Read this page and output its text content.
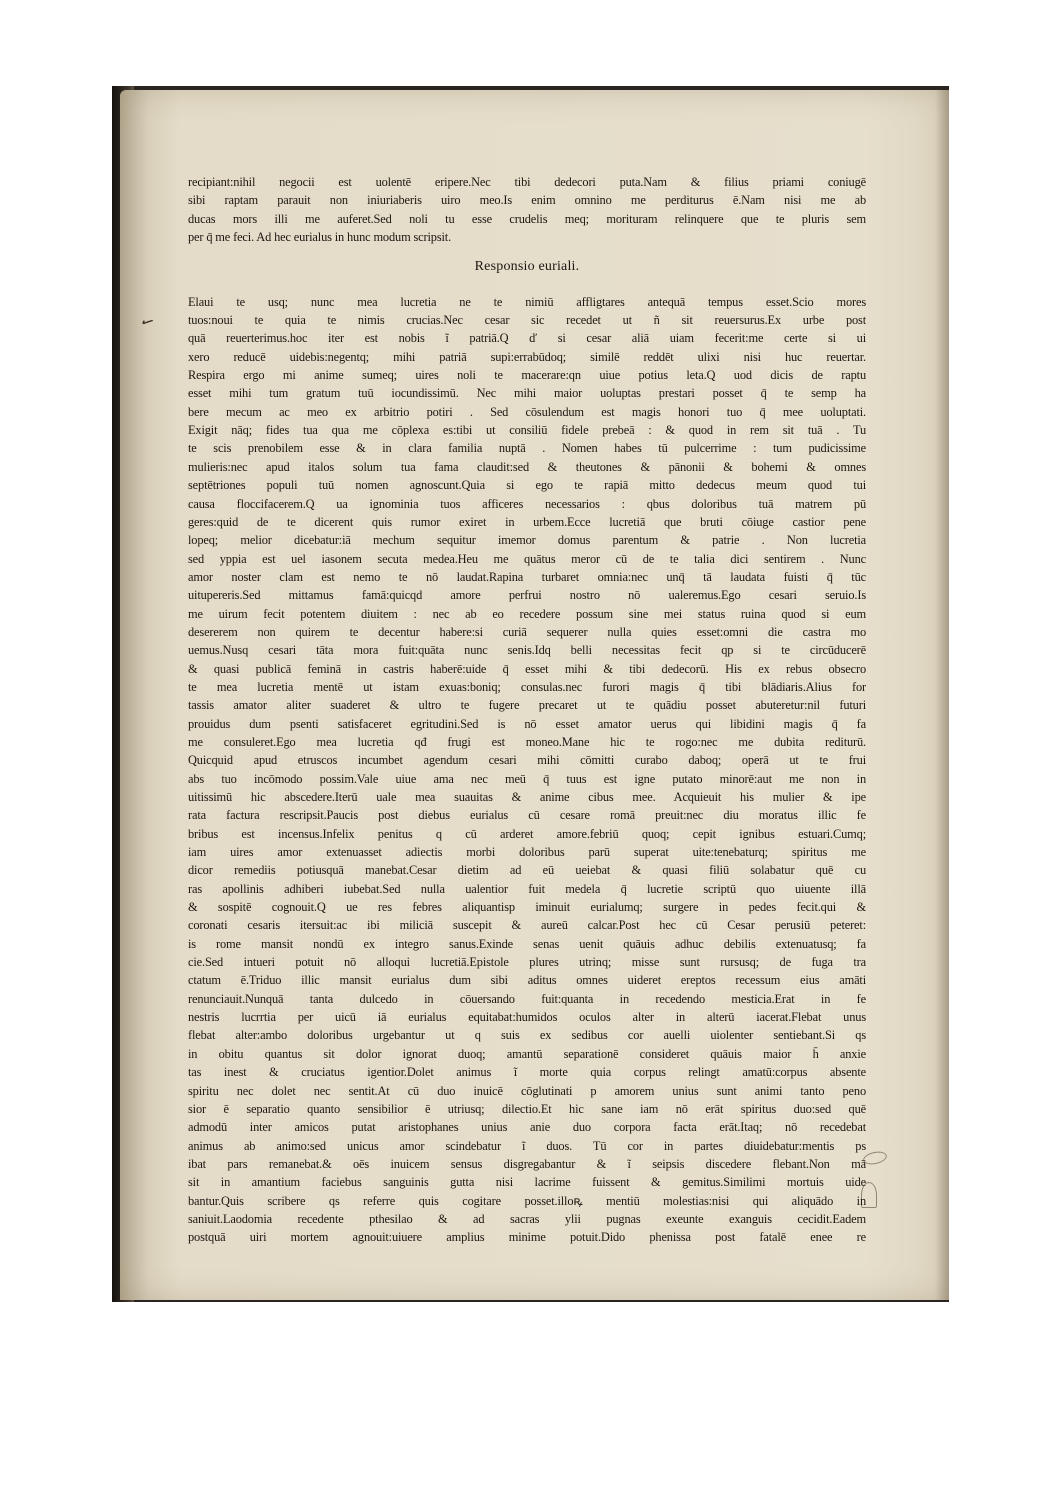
✓
recipiant:nihil negocii est uolentē eripere.Nec tibi dedecori puta.Nam & filius priami coniugē
sibi raptam parauit non iniuriaberis uiro meo.Is enim omnino me perditurus ē.Nam nisi me ab
ducas mors illi me auferet.Sed noli tu esse crudelis meq; morituram relinquere que te pluris sem
per q̄ me feci. Ad hec eurialus in hunc modum scripsit.
Responsio euriali.
Elaui te usq; nunc mea lucretia ne te nimiū affligtares antequā tempus esset.Scio mores
tuos:noui te quia te nimis crucias.Nec cesar sic recedet ut ñ sit reuersurus.Ex urbe post
quā reuerterimus.hoc iter est nobis ĩ patriā.Q ď si cesar aliā uiam fecerit:me certe si ui
xero reducē uidebis:negentq; mihi patriā supi:errabūdoq; similē reddēt ulixi nisi huc reuertar.
Respira ergo mi anime sumeq; uires noli te macerare:qn uiue potius leta.Q uod dicis de raptu
esset mihi tum gratum tuū iocundissimū. Nec mihi maior uoluptas prestari posset q̄ te semp ha
bere mecum ac meo ex arbitrio potiri . Sed cōsulendum est magis honori tuo q̄ mee uoluptati.
Exigit nāq; fides tua qua me cōplexa es:tibi ut consiliū fidele prebeā : & quod in rem sit tuā . Tu
te scis prenobilem esse & in clara familia nuptā . Nomen habes tū pulcerrime : tum pudicissime
mulieris:nec apud italos solum tua fama claudit:sed & theutones & pānonii & bohemi & omnes
septētriones populi tuū nomen agnoscunt.Quia si ego te rapiā mitto dedecus meum quod tui
causa floccifacerem.Q ua ignominia tuos afficeres necessarios : qbus doloribus tuā matrem pū
geres:quid de te dicerent quis rumor exiret in urbem.Ecce lucretiā que bruti cōiuge castior pene
lopeq; melior dicebatur:iā mechum sequitur imemor domus parentum & patrie . Non lucretia
sed yppia est uel iasonem secuta medea.Heu me quātus meror cū de te talia dici sentirem . Nunc
amor noster clam est nemo te nō laudat.Rapina turbaret omnia:nec unq̄ tā laudata fuisti q̄ tūc
uitupereris.Sed mittamus famā:quicqd amore perfrui nostro nō ualeremus.Ego cesari seruio.Is
me uirum fecit potentem diuitem : nec ab eo recedere possum sine mei status ruina quod si eum
desererem non quirem te decentur habere:si curiā sequerer nulla quies esset:omni die castra mo
uemus.Nusq cesari tāta mora fuit:quāta nunc senis.Idq belli necessitas fecit qp si te circūducerē
& quasi publicā feminā in castris haberē:uide q̄ esset mihi & tibi dedecorū. His ex rebus obsecro
te mea lucretia mentē ut istam exuas:boniq; consulas.nec furori magis q̄ tibi blādiaris.Alius for
tassis amator aliter suaderet & ultro te fugere precaret ut te quādiu posset abuteretur:nil futuri
prouidus dum psenti satisfaceret egritudini.Sed is nō esset amator uerus qui libidini magis q̄ fa
me consuleret.Ego mea lucretia qđ frugi est moneo.Mane hic te rogo:nec me dubita rediturū.
Quicquid apud etruscos incumbet agendum cesari mihi cōmitti curabo daboq; operā ut te frui
abs tuo incōmodo possim.Vale uiue ama nec meū q̄ tuus est igne putato minorē:aut me non in
uitissimū hic abscedere.Iterū uale mea suauitas & anime cibus mee. Acquieuit his mulier & ipe
rata factura rescripsit.Paucis post diebus eurialus cū cesare romā preuit:nec diu moratus illic fe
bribus est incensus.Infelix penitus q cū arderet amore.febriū quoq; cepit ignibus estuari.Cumq;
iam uires amor extenuasset adiectis morbi doloribus parū superat uite:tenebaturq; spiritus me
dicor remediis potiusquā manebat.Cesar dietim ad eū ueiebat & quasi filiū solabatur quē cu
ras apollinis adhiberi iubebat.Sed nulla ualentior fuit medela q̄ lucretie scriptū quo uiuente illā
& sospitē cognouit.Q ue res febres aliquantisp iminuit eurialumq; surgere in pedes fecit.qui &
coronati cesaris itersuit:ac ibi miliciā suscepit & aureū calcar.Post hec cū Cesar perusiū peteret:
is rome mansit nondū ex integro sanus.Exinde senas uenit quāuis adhuc debilis extenuatusq; fa
cie.Sed intueri potuit nō alloqui lucretiā.Epistole plures utrinq; misse sunt rursusq; de fuga tra
ctatum ē.Triduo illic mansit eurialus dum sibi aditus omnes uideret ereptos recessum eius amāti
renunciauit.Nunquā tanta dulcedo in cōuersando fuit:quanta in recedendo mesticia.Erat in fe
nestris lucrrtia per uicū iā eurialus equitabat:humidos oculos alter in alterū iacerat.Flebat unus
flebat alter:ambo doloribus urgebantur ut q suis ex sedibus cor auelli uiolenter sentiebant.Si qs
in obitu quantus sit dolor ignorat duoq; amantū separationē consideret quāuis maior h̄ anxie
tas inest & cruciatus igentior.Dolet animus ĩ morte quia corpus relingt amatū:corpus absente
spiritu nec dolet nec sentit.At cū duo inuicē cōglutinati p amorem unius sunt animi tanto peno
sior ē separatio quanto sensibilior ē utriusq; dilectio.Et hic sane iam nō erāt spiritus duo:sed quē
admodū inter amicos putat aristophanes unius anie duo corpora facta erāt.Itaq; nō recedebat
animus ab animo:sed unicus amor scindebatur ĩ duos. Tū cor in partes diuidebatur:mentis ps
ibat pars remanebat.& oēs inuicem sensus disgregabantur & ĩ seipsis discedere flebant.Non mā
sit in amantium faciebus sanguinis gutta nisi lacrime fuissent & gemitus.Similimi mortuis uide
bantur.Quis scribere qs referre quis cogitare posset.illoꝶ mentiū molestias:nisi qui aliquādo in
saniuit.Laodomia recedente pthesilao & ad sacras ylii pugnas exeunte exanguis cecidit.Eadem
postquā uiri mortem agnouit:uiuere amplius minime potuit.Dido phenissa post fatalē enee re
